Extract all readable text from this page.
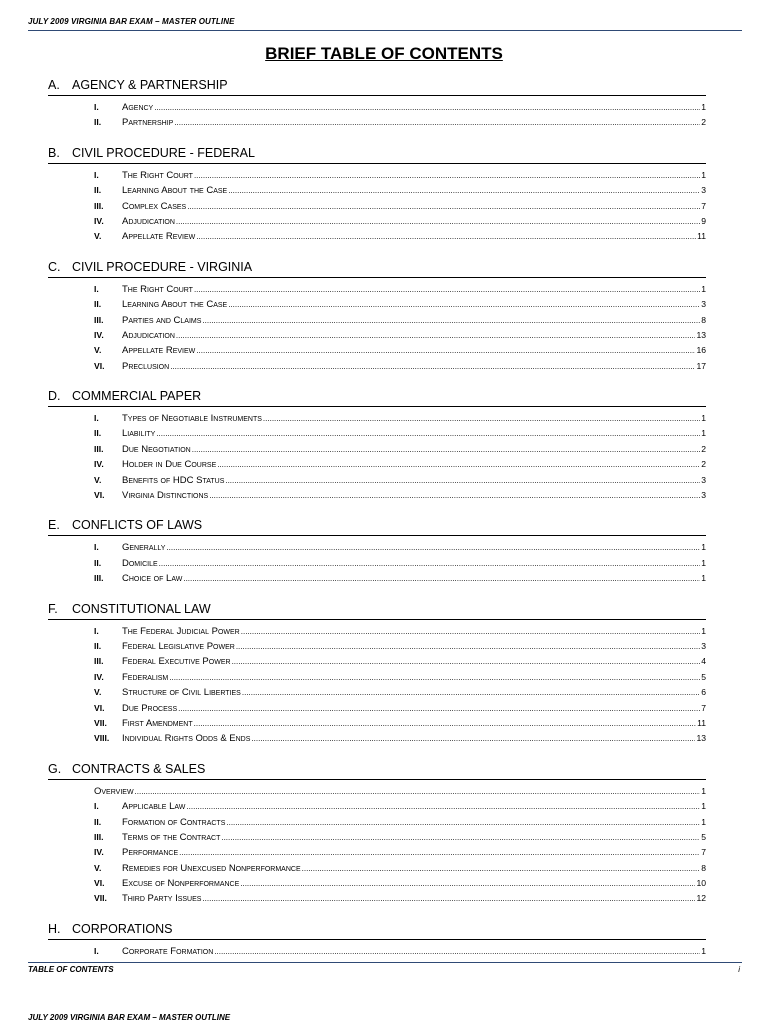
JULY 2009 VIRGINIA BAR EXAM – MASTER OUTLINE
BRIEF TABLE OF CONTENTS
A. AGENCY & PARTNERSHIP
I.	Agency .....	1
II.	Partnership .....	2
B. CIVIL PROCEDURE - FEDERAL
I.	The Right Court .....	1
II.	Learning About the Case .....	3
III.	Complex Cases .....	7
IV.	Adjudication .....	9
V.	Appellate Review .....	11
C. CIVIL PROCEDURE - VIRGINIA
I.	The Right Court .....	1
II.	Learning About the Case .....	3
III.	Parties and Claims .....	8
IV.	Adjudication .....	13
V.	Appellate Review .....	16
VI.	Preclusion .....	17
D. COMMERCIAL PAPER
I.	Types of Negotiable Instruments .....	1
II.	Liability .....	1
III.	Due Negotiation .....	2
IV.	Holder in Due Course .....	2
V.	Benefits of HDC Status .....	3
VI.	Virginia Distinctions .....	3
E. CONFLICTS OF LAWS
I.	Generally .....	1
II.	Domicile .....	1
III.	Choice of Law .....	1
F.	CONSTITUTIONAL LAW
I.	The Federal Judicial Power .....	1
II.	Federal Legislative Power .....	3
III.	Federal Executive Power .....	4
IV.	Federalism .....	5
V.	Structure of Civil Liberties .....	6
VI.	Due Process .....	7
VII.	First Amendment .....	11
VIII.	Individual Rights Odds & Ends .....	13
G. CONTRACTS & SALES
Overview .....	1
I.	Applicable Law .....	1
II.	Formation of Contracts .....	1
III.	Terms of the Contract .....	5
IV.	Performance .....	7
V.	Remedies for Unexcused Nonperformance .....	8
VI.	Excuse of Nonperformance .....	10
VII.	Third Party Issues .....	12
H. CORPORATIONS
I.	Corporate Formation .....	1
TABLE OF CONTENTS	i
JULY 2009 VIRGINIA BAR EXAM – MASTER OUTLINE
